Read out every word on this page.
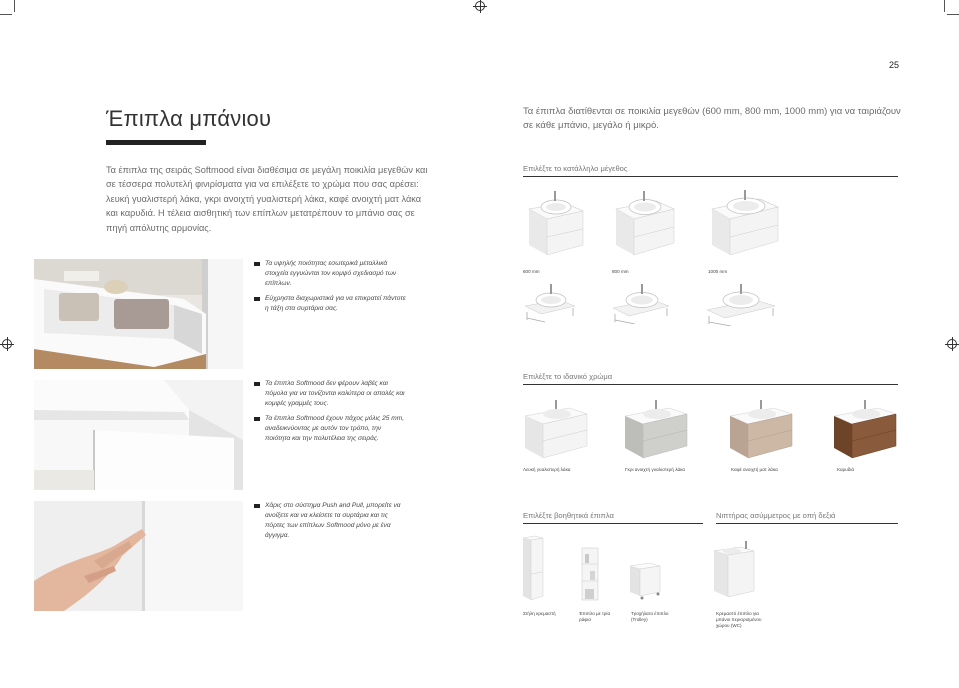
25
Έπιπλα μπάνιου
Τα έπιπλα της σειράς Softmood είναι διαθέσιμα σε μεγάλη ποικιλία μεγεθών και σε τέσσερα πολυτελή φινιρίσματα για να επιλέξετε το χρώμα που σας αρέσει: λευκή γυαλιστερή λάκα, γκρι ανοιχτή γυαλιστερή λάκα, καφέ ανοιχτή ματ λάκα και καρυδιά. Η τέλεια αισθητική των επίπλων μετατρέπουν το μπάνιο σας σε πηγή απόλυτης αρμονίας.

Τα υψηλής ποιότητας εσωτερικά μεταλλικά στοιχεία εγγυώνται τον κομψό σχεδιασμό των επίπλων.

Εύχρηστα διαχωριστικά για να επικρατεί πάντοτε η τάξη στα συρτάρια σας.

Τα έπιπλα Softmood δεν φέρουν λαβές και πόμολα για να τονίζονται καλύτερα οι απαλές και κομψές γραμμές τους.

Τα έπιπλα Softmood έχουν πάχος μόλις 25 mm, αναδεικνύοντας με αυτόν τον τρόπο, την ποιότητα και την πολυτέλεια της σειράς.

Χάρις στο σύστημα Push and Pull, μπορείτε να ανοίξετε και να κλείσετε τα συρτάρια και τις πόρτες των επίπλων Softmood μόνο με ένα άγγιγμα.

Τα έπιπλα διατίθενται σε ποικιλία μεγεθών (600 mm, 800 mm, 1000 mm) για να ταιριάζουν σε κάθε μπάνιο, μεγάλο ή μικρό.
Επιλέξτε το κατάλληλο μέγεθος
600 mm	800 mm	1000 mm
Επιλέξτε το ιδανικό χρώμα
Λευκή γυαλιστερή λάκα	Γκρι ανοιχτή γυαλιστερή λάκα	Καφέ ανοιχτή ματ λάκα	Καρυδιά
Επιλέξτε βοηθητικά έπιπλα	Νιπτήρας ασύμμετρος με οπή δεξιά
Στήλη κρεμαστή	Έπιπλο με τρία ράφια
Τροχήλατο έπιπλο (Trolley)
Κρεμαστό έπιπλο για μπάνιο περιορισμένου χώρου (WC)
